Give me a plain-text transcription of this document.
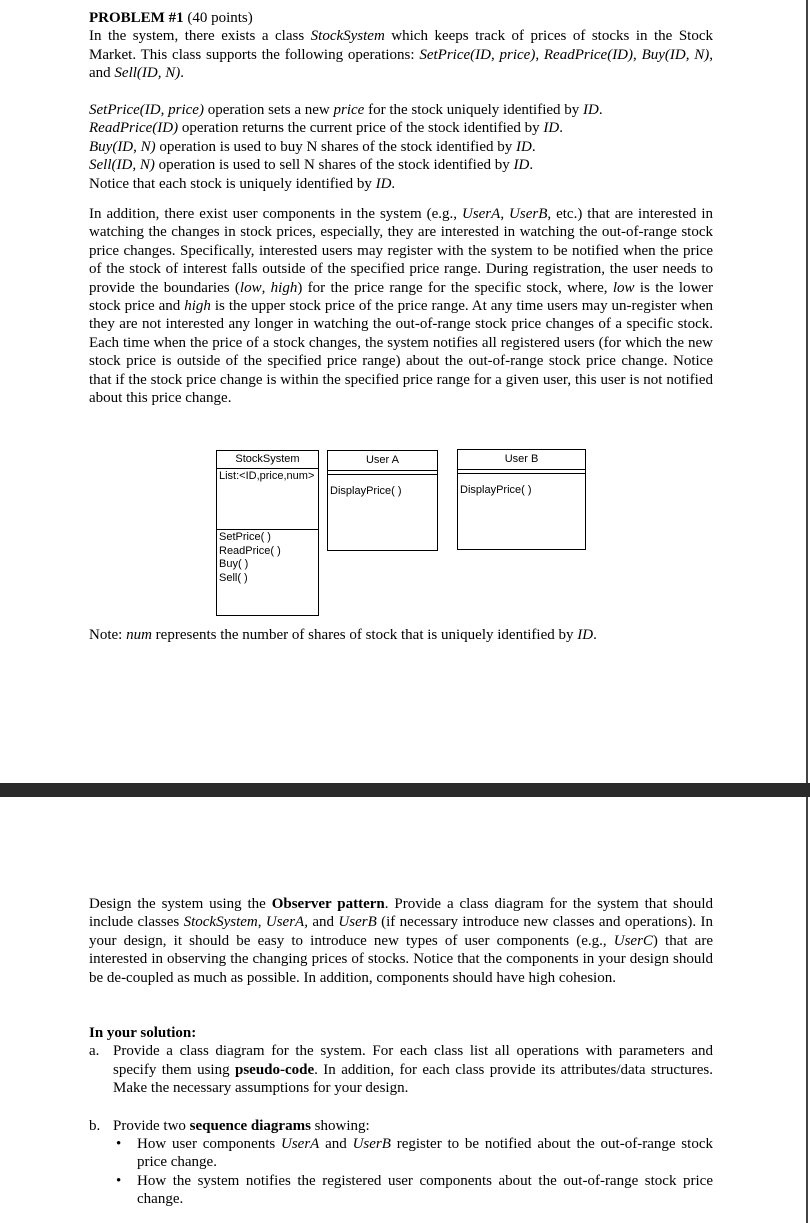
PROBLEM #1 (40 points)

In the system, there exists a class StockSystem which keeps track of prices of stocks in the Stock Market. This class supports the following operations: SetPrice(ID, price), ReadPrice(ID), Buy(ID, N), and Sell(ID, N).

SetPrice(ID, price) operation sets a new price for the stock uniquely identified by ID.

ReadPrice(ID) operation returns the current price of the stock identified by ID.

Buy(ID, N) operation is used to buy N shares of the stock identified by ID.

Sell(ID, N) operation is used to sell N shares of the stock identified by ID.

Notice that each stock is uniquely identified by ID.

In addition, there exist user components in the system (e.g., UserA, UserB, etc.) that are interested in watching the changes in stock prices, especially, they are interested in watching the out-of-range stock price changes. Specifically, interested users may register with the system to be notified when the price of the stock of interest falls outside of the specified price range. During registration, the user needs to provide the boundaries (low, high) for the price range for the specific stock, where, low is the lower stock price and high is the upper stock price of the price range. At any time users may un-register when they are not interested any longer in watching the out-of-range stock price changes of a specific stock. Each time when the price of a stock changes, the system notifies all registered users (for which the new stock price is outside of the specified price range) about the out-of-range stock price change. Notice that if the stock price change is within the specified price range for a given user, this user is not notified about this price change.
StockSystem
List:<ID,price,num>
SetPrice( )
ReadPrice( )
Buy( )
Sell( )
User A
DisplayPrice( )
User B
DisplayPrice( )
Note: num represents the number of shares of stock that is uniquely identified by ID.
Design the system using the Observer pattern. Provide a class diagram for the system that should include classes StockSystem, UserA, and UserB (if necessary introduce new classes and operations). In your design, it should be easy to introduce new types of user components (e.g., UserC) that are interested in observing the changing prices of stocks. Notice that the components in your design should be de-coupled as much as possible. In addition, components should have high cohesion.

In your solution:

a. Provide a class diagram for the system. For each class list all operations with parameters and specify them using pseudo-code. In addition, for each class provide its attributes/data structures. Make the necessary assumptions for your design.
b. Provide two sequence diagrams showing:
• How user components UserA and UserB register to be notified about the out-of-range stock price change.
• How the system notifies the registered user components about the out-of-range stock price change.
